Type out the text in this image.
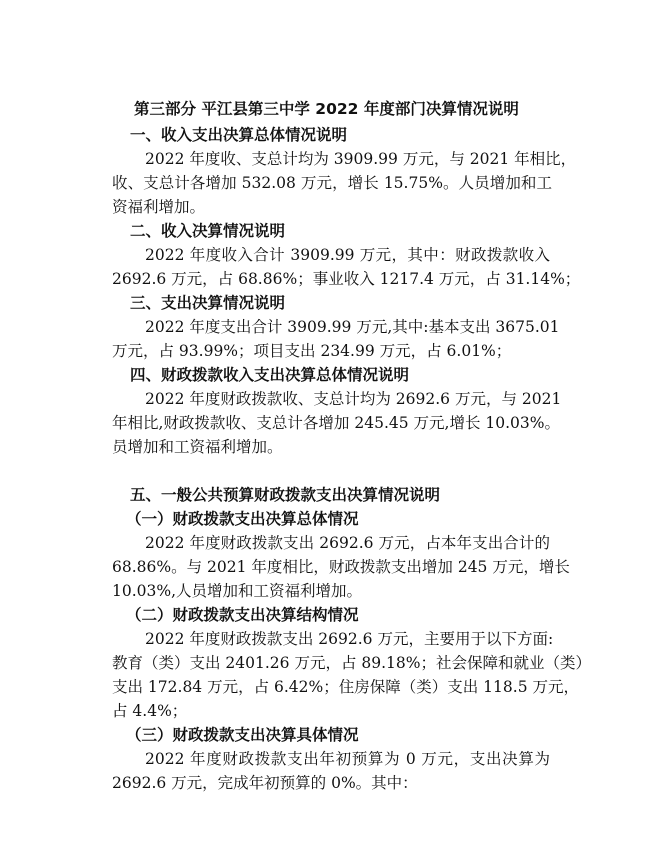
第三部分 平江县第三中学 2022 年度部门决算情况说明
一、收入支出决算总体情况说明
2022 年度收、支总计均为 3909.99 万元，与 2021 年相比，
收、支总计各增加 532.08 万元，增长 15.75%。人员增加和工
资福利增加。
二、收入决算情况说明
2022 年度收入合计 3909.99 万元，其中：财政拨款收入
2692.6 万元，占 68.86%；事业收入 1217.4 万元，占 31.14%；
三、支出决算情况说明
2022 年度支出合计 3909.99 万元,其中:基本支出 3675.01
万元，占 93.99%；项目支出 234.99 万元，占 6.01%；
四、财政拨款收入支出决算总体情况说明
2022 年度财政拨款收、支总计均为 2692.6 万元，与 2021
年相比,财政拨款收、支总计各增加 245.45 万元,增长 10.03%。
员增加和工资福利增加。
五、一般公共预算财政拨款支出决算情况说明
（一）财政拨款支出决算总体情况
2022 年度财政拨款支出 2692.6 万元，占本年支出合计的
68.86%。与 2021 年度相比，财政拨款支出增加 245 万元，增长
10.03%,人员增加和工资福利增加。
（二）财政拨款支出决算结构情况
2022 年度财政拨款支出 2692.6 万元，主要用于以下方面:
教育（类）支出 2401.26 万元，占 89.18%；社会保障和就业（类）
支出 172.84 万元，占 6.42%；住房保障（类）支出 118.5 万元，
占 4.4%；
（三）财政拨款支出决算具体情况
2022 年度财政拨款支出年初预算为 0 万元，支出决算为
2692.6 万元，完成年初预算的 0%。其中：
